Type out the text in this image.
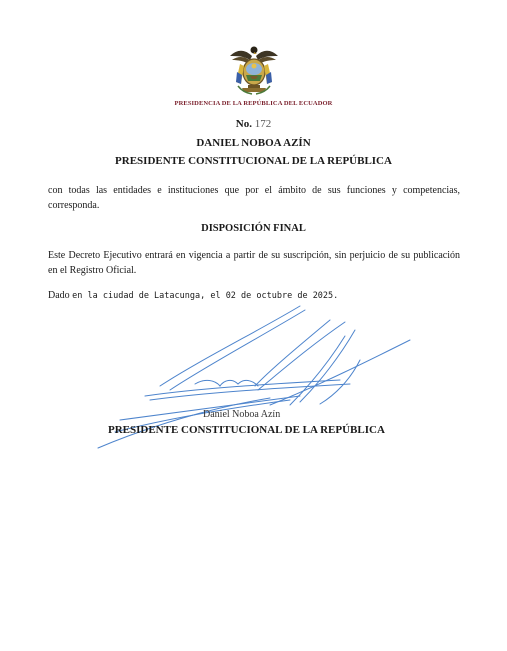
PRESIDENCIA DE LA REPÚBLICA DEL ECUADOR
No. 172
DANIEL NOBOA AZÍN
PRESIDENTE CONSTITUCIONAL DE LA REPÚBLICA
con todas las entidades e instituciones que por el ámbito de sus funciones y competencias, corresponda.
DISPOSICIÓN FINAL
Este Decreto Ejecutivo entrará en vigencia a partir de su suscripción, sin perjuicio de su publicación en el Registro Oficial.
Dado en la ciudad de Latacunga, el 02 de octubre de 2025.
Daniel Noboa Azín
PRESIDENTE CONSTITUCIONAL DE LA REPÚBLICA
